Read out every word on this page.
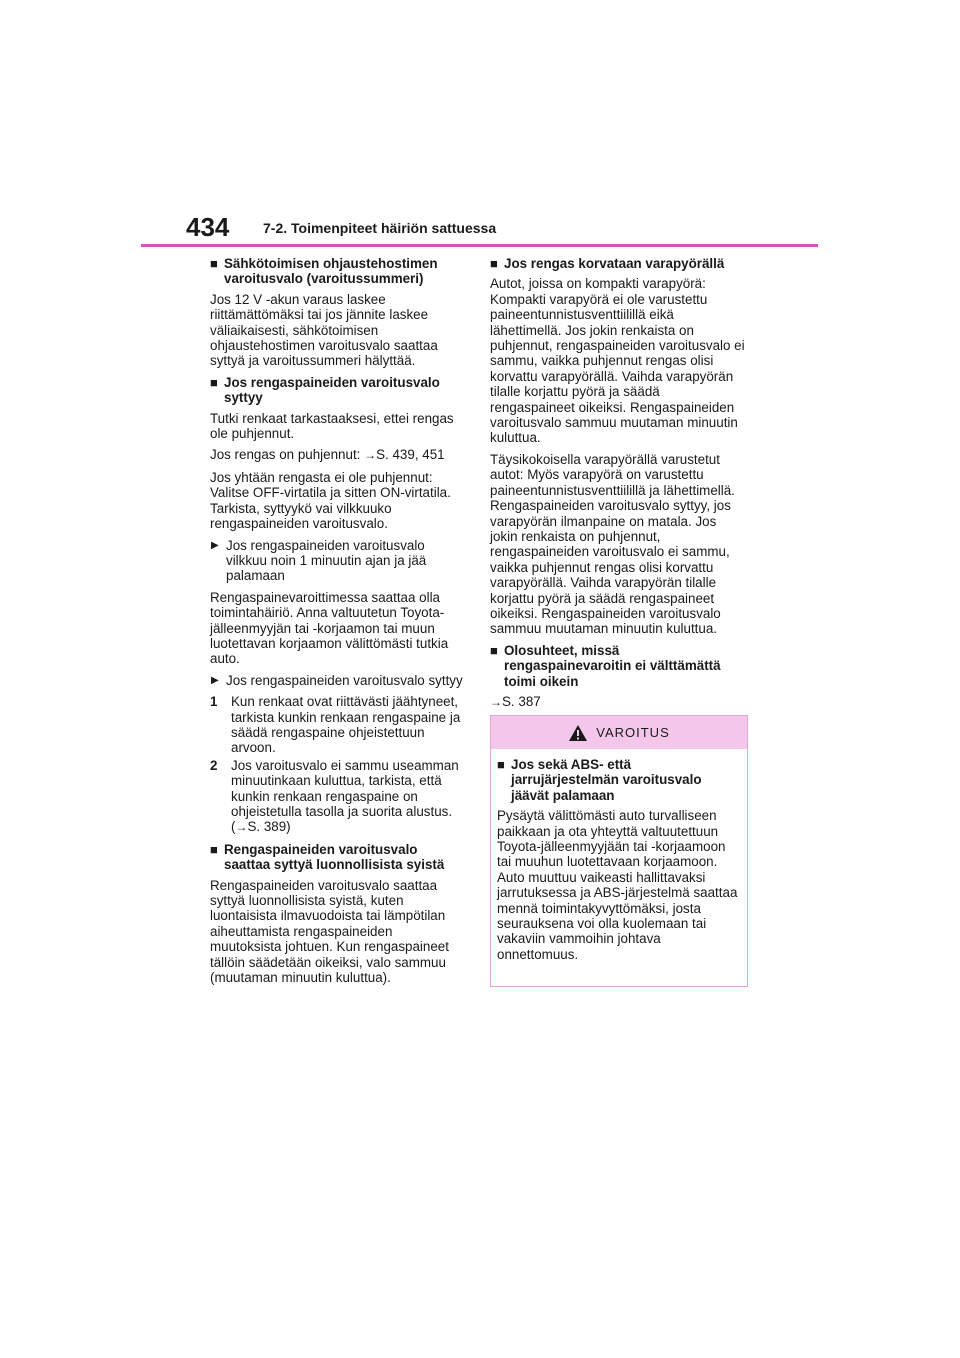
434 7-2. Toimenpiteet häiriön sattuessa
■ Sähkötoimisen ohjaustehostimen varoitusvalo (varoitussummeri)
Jos 12 V -akun varaus laskee riittämättömäksi tai jos jännite laskee väliaikaisesti, sähkötoimisen ohjaustehostimen varoitusvalo saattaa syttyä ja varoitussummeri hälyttää.
■ Jos rengaspaineiden varoitusvalo syttyy
Tutki renkaat tarkastaaksesi, ettei rengas ole puhjennut.
Jos rengas on puhjennut: →S. 439, 451
Jos yhtään rengasta ei ole puhjennut: Valitse OFF-virtatila ja sitten ON-virtatila. Tarkista, syttyykö vai vilkkuuko rengaspaineiden varoitusvalo.
▶ Jos rengaspaineiden varoitusvalo vilkkuu noin 1 minuutin ajan ja jää palamaan
Rengaspainevaroittimessa saattaa olla toimintahäiriö. Anna valtuutetun Toyota-jälleenmyyjän tai -korjaamon tai muun luotettavan korjaamon välittömästi tutkia auto.
▶ Jos rengaspaineiden varoitusvalo syttyy
1	Kun renkaat ovat riittävästi jäähtyneet, tarkista kunkin renkaan rengaspaine ja säädä rengaspaine ohjeistettuun arvoon.
2	Jos varoitusvalo ei sammu useamman minuutinkaan kuluttua, tarkista, että kunkin renkaan rengaspaine on ohjeistetulla tasolla ja suorita alustus. (→S. 389)
■ Rengaspaineiden varoitusvalo saattaa syttyä luonnollisista syistä
Rengaspaineiden varoitusvalo saattaa syttyä luonnollisista syistä, kuten luontaisista ilmavuodoista tai lämpötilan aiheuttamista rengaspaineiden muutoksista johtuen. Kun rengaspaineet tällöin säädetään oikeiksi, valo sammuu (muutaman minuutin kuluttua).
■ Jos rengas korvataan varapyörällä
Autot, joissa on kompakti varapyörä: Kompakti varapyörä ei ole varustettu paineentunnistusventtiilillä eikä lähettimellä. Jos jokin renkaista on puhjennut, rengaspaineiden varoitusvalo ei sammu, vaikka puhjennut rengas olisi korvattu varapyörällä. Vaihda varapyörän tilalle korjattu pyörä ja säädä rengaspaineet oikeiksi. Rengaspaineiden varoitusvalo sammuu muutaman minuutin kuluttua.
Täysikokoisella varapyörällä varustetut autot: Myös varapyörä on varustettu paineentunnistusventtiilillä ja lähettimellä. Rengaspaineiden varoitusvalo syttyy, jos varapyörän ilmanpaine on matala. Jos jokin renkaista on puhjennut, rengaspaineiden varoitusvalo ei sammu, vaikka puhjennut rengas olisi korvattu varapyörällä. Vaihda varapyörän tilalle korjattu pyörä ja säädä rengaspaineet oikeiksi. Rengaspaineiden varoitusvalo sammuu muutaman minuutin kuluttua.
■ Olosuhteet, missä rengaspainevaroitin ei välttämättä toimi oikein
→S. 387
VAROITUS
■ Jos sekä ABS- että jarrujärjestelmän varoitusvalo jäävät palamaan
Pysäytä välittömästi auto turvalliseen paikkaan ja ota yhteyttä valtuutettuun Toyota-jälleenmyyjään tai -korjaamoon tai muuhun luotettavaan korjaamoon.
Auto muuttuu vaikeasti hallittavaksi jarrutuksessa ja ABS-järjestelmä saattaa mennä toimintakyvyttömäksi, josta seurauksena voi olla kuolemaan tai vakaviin vammoihin johtava onnettomuus.
